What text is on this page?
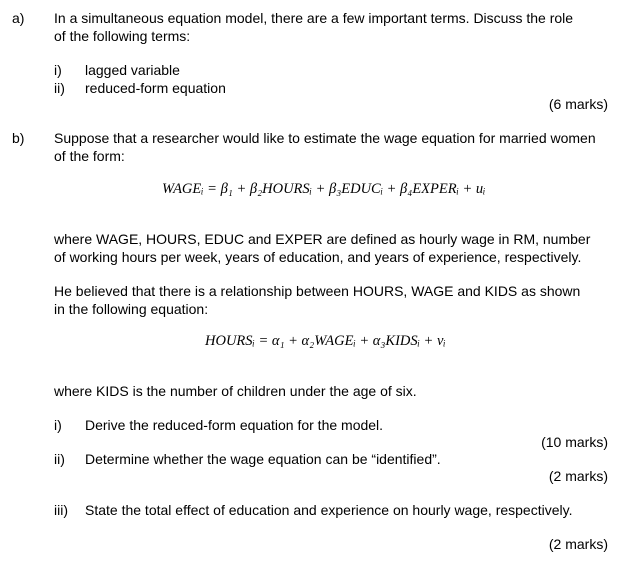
a) In a simultaneous equation model, there are a few important terms. Discuss the role
of the following terms:
i) lagged variable
ii) reduced-form equation
(6 marks)
b) Suppose that a researcher would like to estimate the wage equation for married women
of the form:
WAGEᵢ = β₁ + β₂HOURSᵢ + β₃EDUCᵢ + β₄EXPERᵢ + uᵢ
where WAGE, HOURS, EDUC and EXPER are defined as hourly wage in RM, number
of working hours per week, years of education, and years of experience, respectively.
He believed that there is a relationship between HOURS, WAGE and KIDS as shown
in the following equation:
HOURSᵢ = α₁ + α₂WAGEᵢ + α₃KIDSᵢ + vᵢ
where KIDS is the number of children under the age of six.
i) Derive the reduced-form equation for the model.
(10 marks)
ii) Determine whether the wage equation can be “identified”.
(2 marks)
iii) State the total effect of education and experience on hourly wage, respectively.
(2 marks)
